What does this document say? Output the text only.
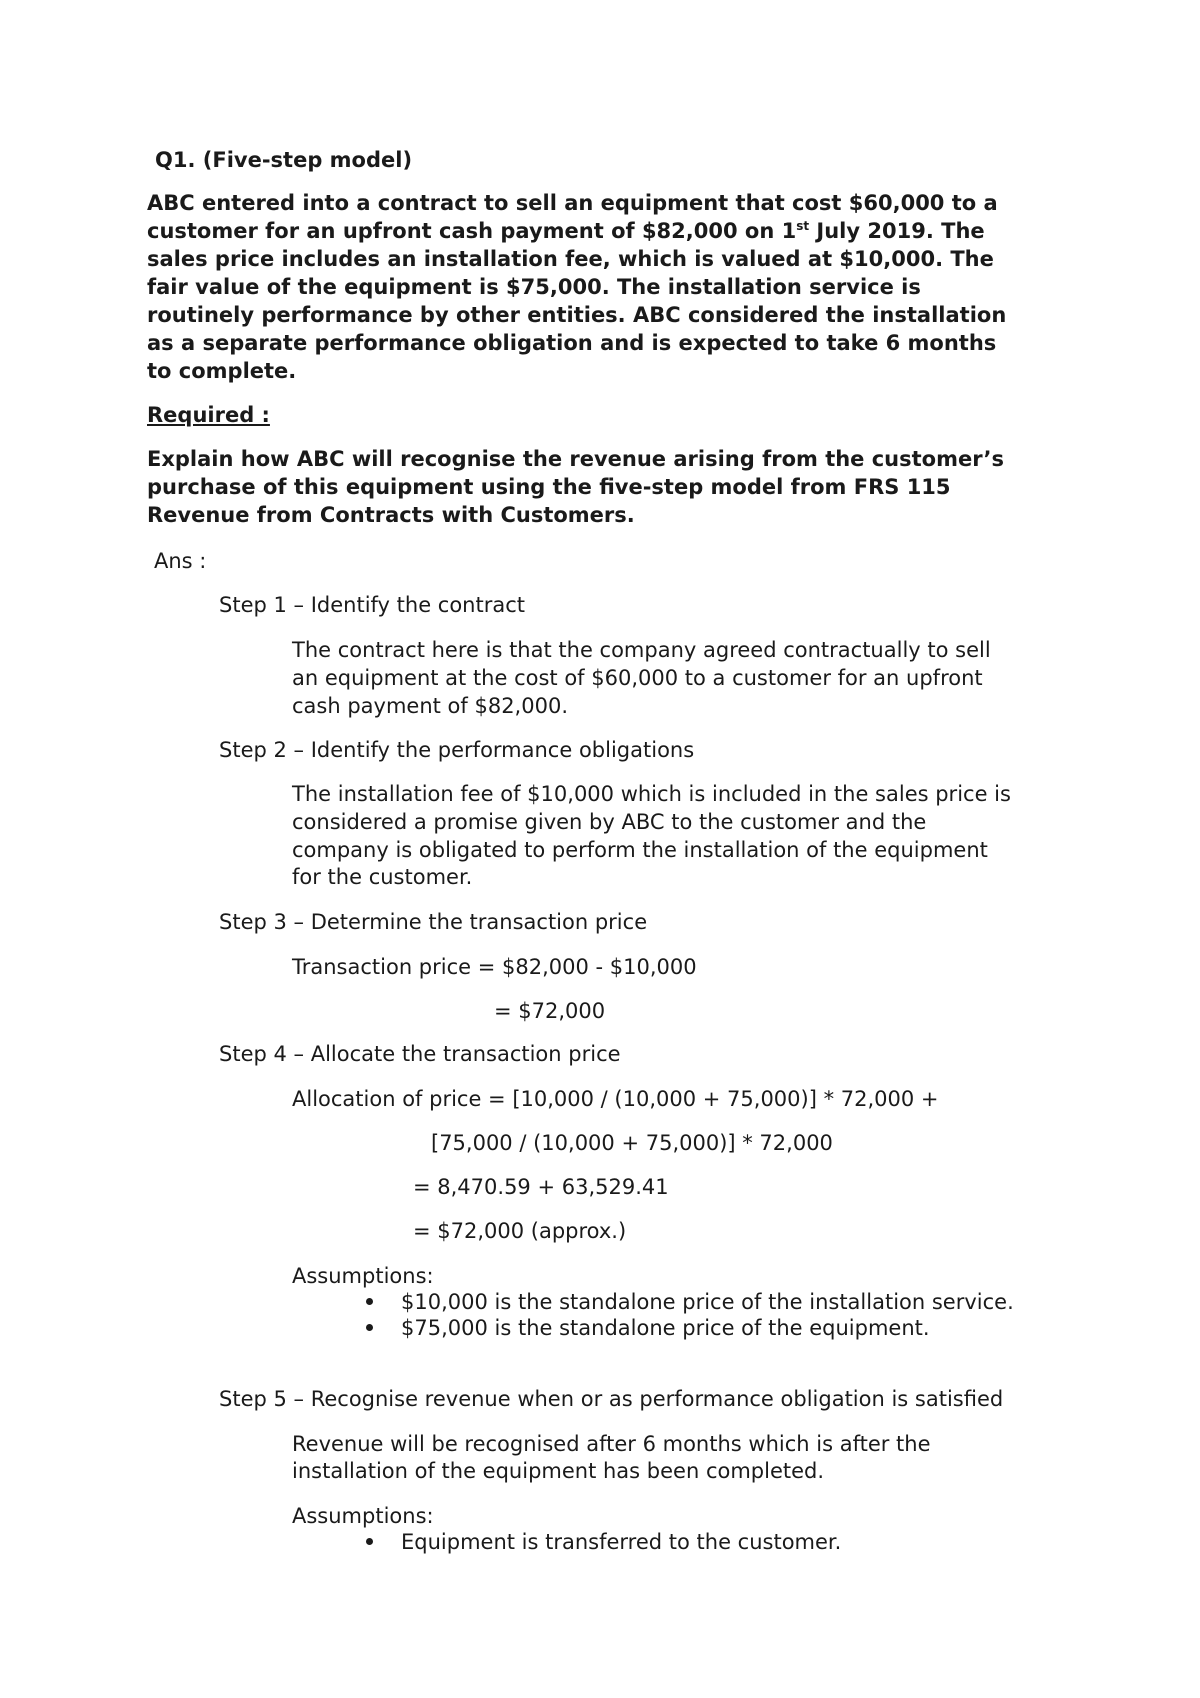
Q1. (Five-step model)
ABC entered into a contract to sell an equipment that cost $60,000 to a
customer for an upfront cash payment of $82,000 on 1st July 2019. The
sales price includes an installation fee, which is valued at $10,000. The
fair value of the equipment is $75,000. The installation service is
routinely performance by other entities. ABC considered the installation
as a separate performance obligation and is expected to take 6 months
to complete.
Required :
Explain how ABC will recognise the revenue arising from the customer’s
purchase of this equipment using the five-step model from FRS 115
Revenue from Contracts with Customers.
Ans :
Step 1 – Identify the contract
The contract here is that the company agreed contractually to sell
an equipment at the cost of $60,000 to a customer for an upfront
cash payment of $82,000.
Step 2 – Identify the performance obligations
The installation fee of $10,000 which is included in the sales price is
considered a promise given by ABC to the customer and the
company is obligated to perform the installation of the equipment
for the customer.
Step 3 – Determine the transaction price
Transaction price = $82,000 - $10,000
= $72,000
Step 4 – Allocate the transaction price
Allocation of price = [10,000 / (10,000 + 75,000)] * 72,000 +
[75,000 / (10,000 + 75,000)] * 72,000
= 8,470.59 + 63,529.41
= $72,000 (approx.)
Assumptions:
$10,000 is the standalone price of the installation service.
$75,000 is the standalone price of the equipment.
Step 5 – Recognise revenue when or as performance obligation is satisfied
Revenue will be recognised after 6 months which is after the
installation of the equipment has been completed.
Assumptions:
Equipment is transferred to the customer.
